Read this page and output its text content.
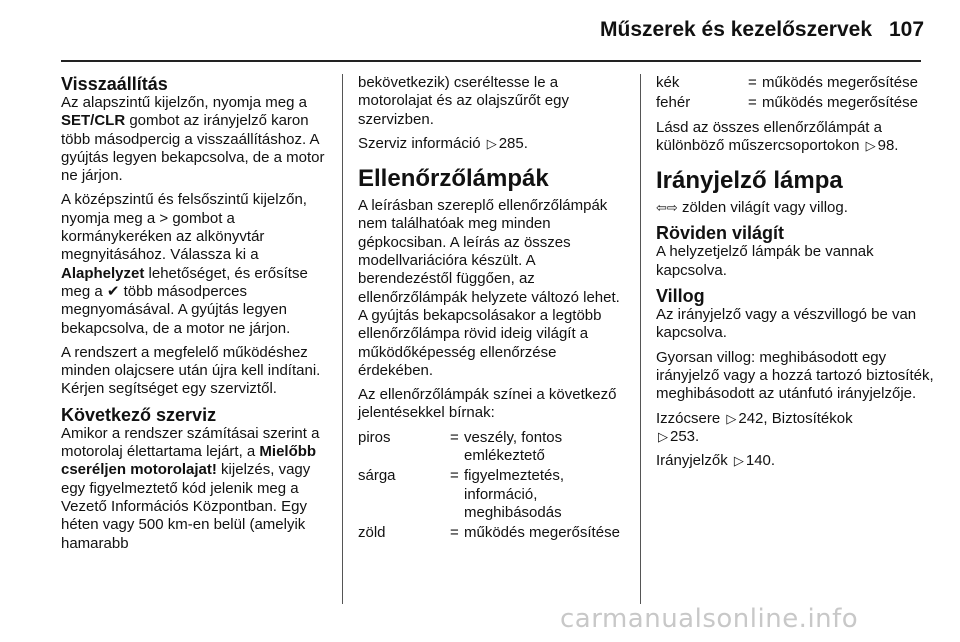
Műszerek és kezelőszervek 107
Visszaállítás

Az alapszintű kijelzőn, nyomja meg a SET/CLR gombot az irányjelző karon több másodpercig a visszaállításhoz. A gyújtás legyen bekapcsolva, de a motor ne járjon.

A középszintű és felsőszintű kijelzőn, nyomja meg a > gombot a kormánykeréken az alkönyvtár megnyitásához. Válassza ki a Alaphelyzet lehetőséget, és erősítse meg a ✔ több másodperces megnyomásával. A gyújtás legyen bekapcsolva, de a motor ne járjon.

A rendszert a megfelelő működéshez minden olajcsere után újra kell indítani. Kérjen segítséget egy szerviztől.

Következő szerviz

Amikor a rendszer számításai szerint a motorolaj élettartama lejárt, a Mielőbb cseréljen motorolajat! kijelzés, vagy egy figyelmeztető kód jelenik meg a Vezető Információs Központban. Egy héten vagy 500 km-en belül (amelyik hamarabb

bekövetkezik) cseréltesse le a motorolajat és az olajszűrőt egy szervizben.

Szerviz információ ▷ 285.

Ellenőrzőlámpák

A leírásban szereplő ellenőrzőlámpák nem találhatóak meg minden gépkocsiban. A leírás az összes modellvariációra készült. A berendezéstől függően, az ellenőrzőlámpák helyzete változó lehet. A gyújtás bekapcsolásakor a legtöbb ellenőrzőlámpa rövid ideig világít a működőképesség ellenőrzése érdekében.

Az ellenőrzőlámpák színei a következő jelentésekkel bírnak:

piros	= veszély, fontos emlékeztető
sárga	= figyelmeztetés, információ, meghibásodás
zöld	= működés megerősítése
kék	= működés megerősítése
fehér	= működés megerősítése

Lásd az összes ellenőrzőlámpát a különböző műszercsoportokon ▷ 98.

Irányjelző lámpa

⇦⇨ zölden világít vagy villog.

Röviden világít

A helyzetjelző lámpák be vannak kapcsolva.

Villog

Az irányjelző vagy a vészvillogó be van kapcsolva.

Gyorsan villog: meghibásodott egy irányjelző vagy a hozzá tartozó biztosíték, meghibásodott az utánfutó irányjelzője.

Izzócsere ▷ 242, Biztosítékok
▷ 253.

Irányjelzők ▷ 140.

carmanualsonline.info
